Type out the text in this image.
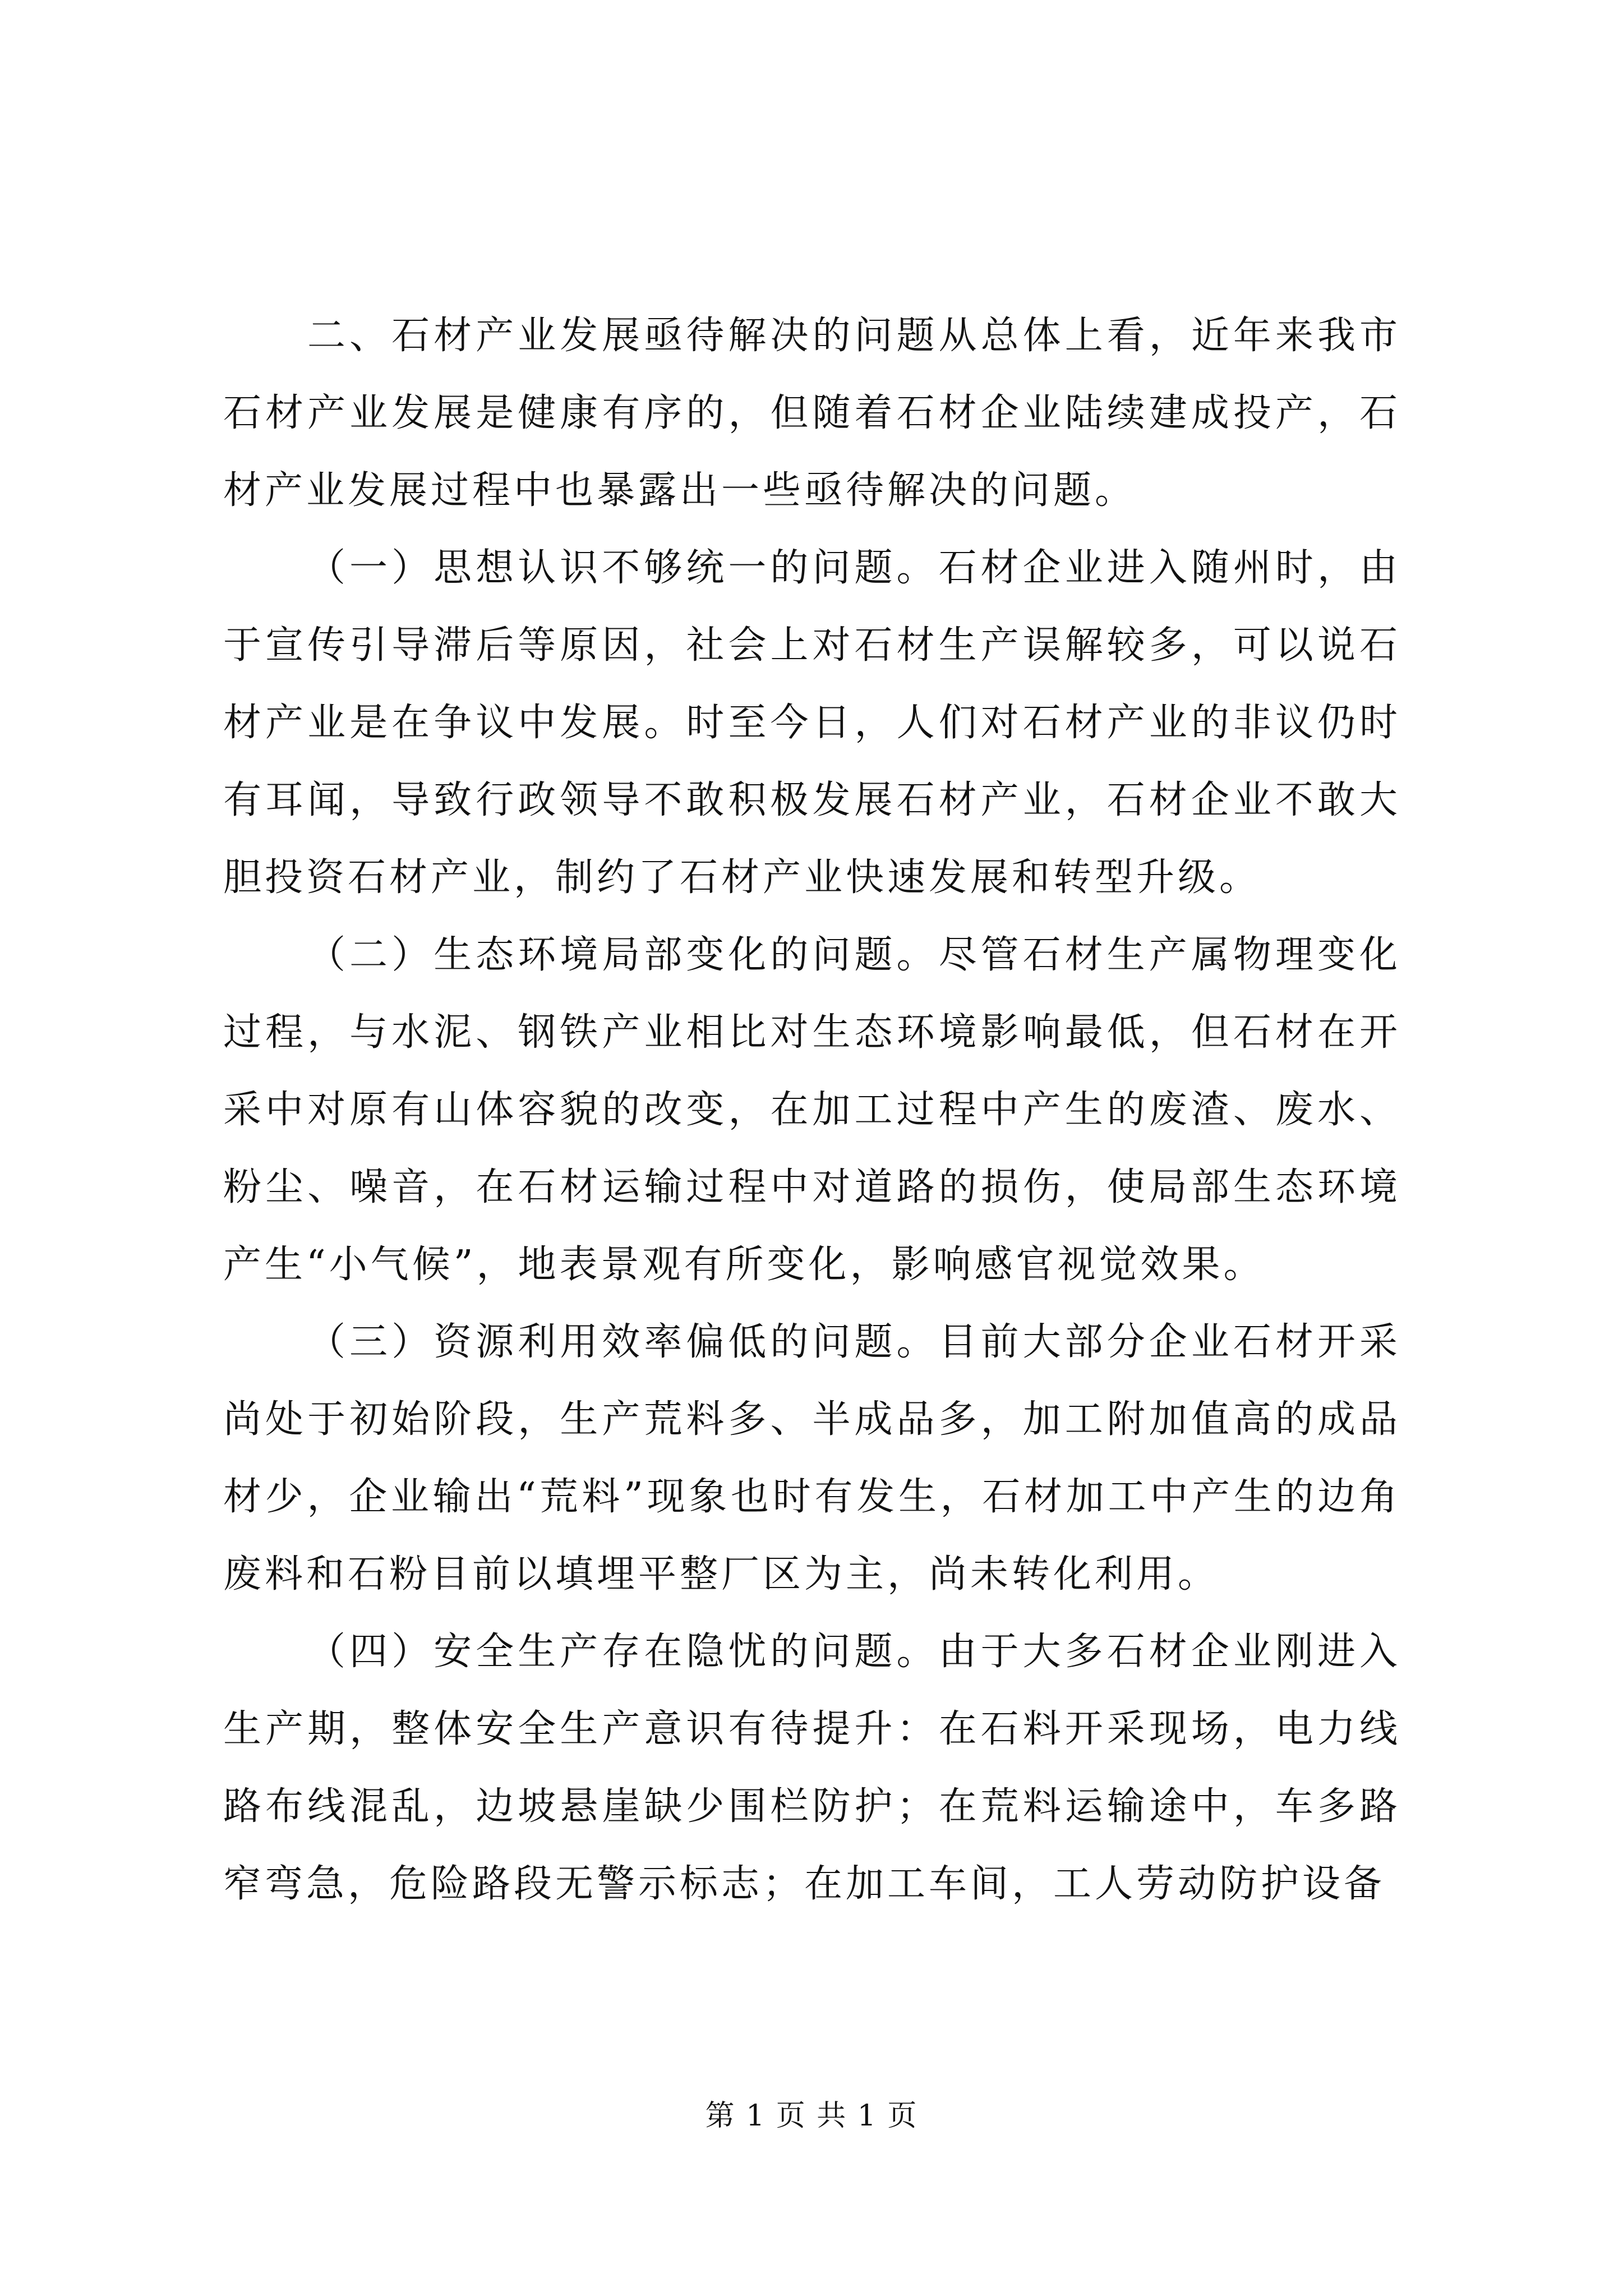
二、石材产业发展亟待解决的问题从总体上看，近年来我市石材产业发展是健康有序的，但随着石材企业陆续建成投产，石材产业发展过程中也暴露出一些亟待解决的问题。

（一）思想认识不够统一的问题。石材企业进入随州时，由于宣传引导滞后等原因，社会上对石材生产误解较多，可以说石材产业是在争议中发展。时至今日，人们对石材产业的非议仍时有耳闻，导致行政领导不敢积极发展石材产业，石材企业不敢大胆投资石材产业，制约了石材产业快速发展和转型升级。

（二）生态环境局部变化的问题。尽管石材生产属物理变化过程，与水泥、钢铁产业相比对生态环境影响最低，但石材在开采中对原有山体容貌的改变，在加工过程中产生的废渣、废水、粉尘、噪音，在石材运输过程中对道路的损伤，使局部生态环境产生“小气候”，地表景观有所变化，影响感官视觉效果。

（三）资源利用效率偏低的问题。目前大部分企业石材开采尚处于初始阶段，生产荒料多、半成品多，加工附加值高的成品材少，企业输出“荒料”现象也时有发生，石材加工中产生的边角废料和石粉目前以填埋平整厂区为主，尚未转化利用。

（四）安全生产存在隐忧的问题。由于大多石材企业刚进入生产期，整体安全生产意识有待提升：在石料开采现场，电力线路布线混乱，边坡悬崖缺少围栏防护；在荒料运输途中，车多路窄弯急，危险路段无警示标志；在加工车间，工人劳动防护设备

第 1 页 共 1 页
